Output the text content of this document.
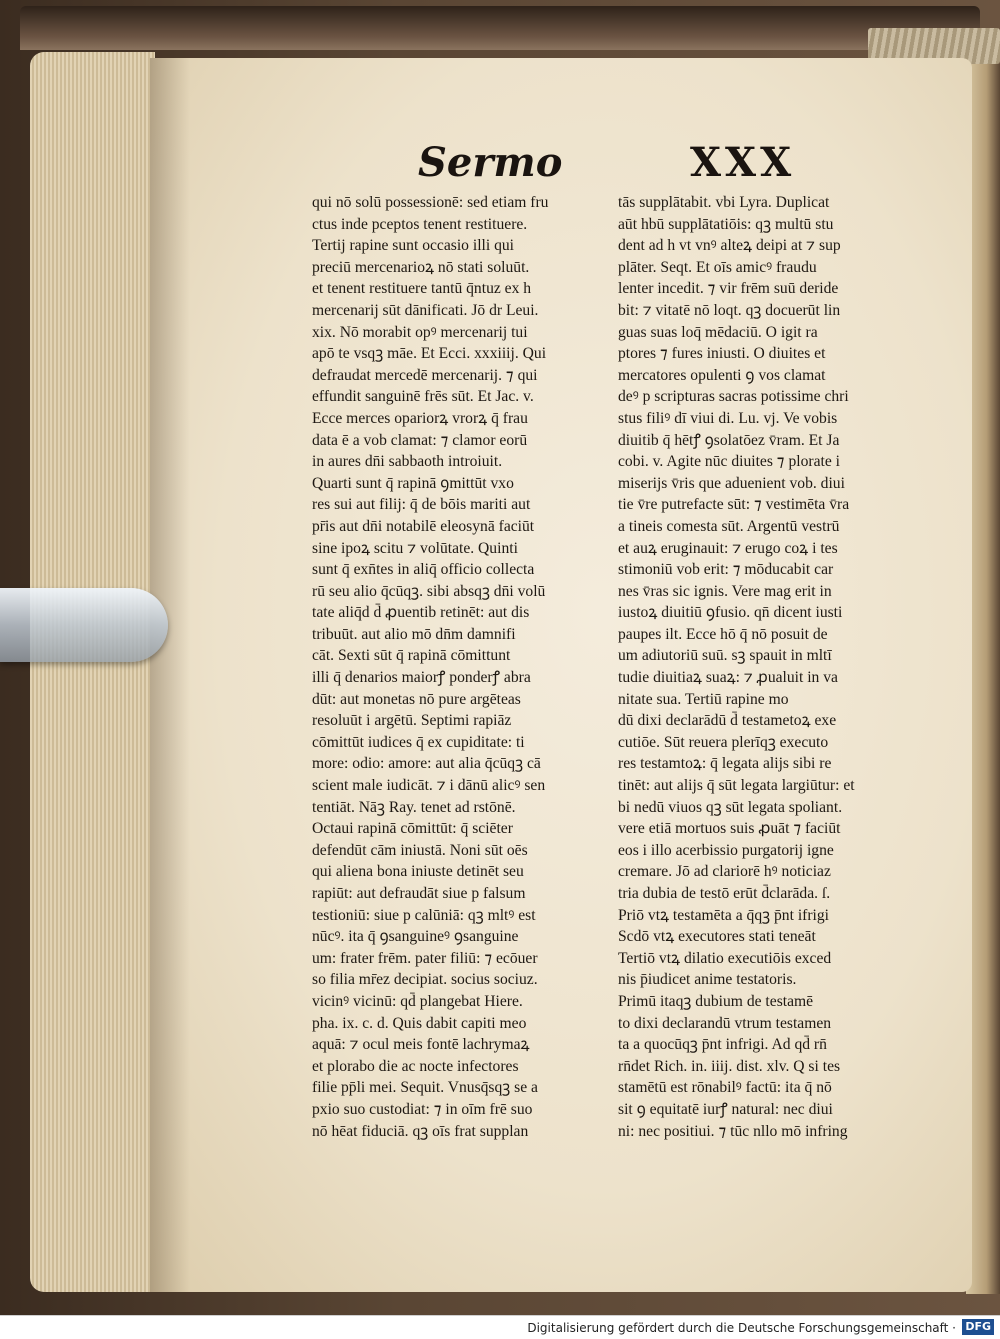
Sermo	XXX
qui nō solū possessionē: sed etiam fru
ctus inde pceptos tenent restituere.
Tertij rapine sunt occasio illi qui
preciū mercenarioꝝ nō stati soluūt.
et tenent restituere tantū q̄ntuz ex h
mercenarij sūt dānificati. Jō dr Leui.
xix. Nō morabit opꝰ mercenarij tui
apō te vsqꝫ māe. Et Ecci. xxxiiij. Qui
defraudat mercedē mercenarij. ⁊ qui
effundit sanguinē frēs sūt. Et Jac. v.
Ecce merces opariorꝝ vrorꝝ q̄ frau
data ē a vob clamat: ⁊ clamor eorū
in aures dn̄i sabbaoth introiuit.
Quarti sunt q̄ rapinā ꝯmittūt vxo
res sui aut filij: q̄ de bōis mariti aut
pr̄is aut dn̄i notabilē eleosynā faciūt
sine ipoꝝ scitu ⁊ volūtate. Quinti
sunt q̄ exn̄tes in aliq̄ officio collecta
rū seu alio q̄cūqꝫ. sibi absqꝫ dn̄i volū
tate aliq̄d d̄ ꝓuentib retinēt: aut dis
tribuūt. aut alio mō dn̄m damnifi
cāt. Sexti sūt q̄ rapinā cōmittunt
illi q̄ denarios maiorꝭ ponderꝭ abra
dūt: aut monetas nō pure argēteas
resoluūt i argētū. Septimi rapiāz
cōmittūt iudices q̄ ex cupiditate: ti
more: odio: amore: aut alia q̄cūqꝫ cā
scient male iudicāt. ⁊ i dānū alicꝰ sen
tentiāt. Nāꝫ Ray. tenet ad rstōnē.
Octaui rapinā cōmittūt: q̄ sciēter
defendūt cām iniustā. Noni sūt oēs
qui aliena bona iniuste detinēt seu
rapiūt: aut defraudāt siue p falsum
testioniū: siue p calūniā: qꝫ mltꝰ est
nūcꝰ. ita q̄ ꝯsanguineꝰ ꝯsanguine
um: frater frēm. pater filiū: ⁊ ecōuer
so filia mr̄ez decipiat. socius sociuz.
vicinꝰ vicinū: qd̄ plangebat Hiere.
pha. ix. c. d. Quis dabit capiti meo
aquā: ⁊ ocul meis fontē lachrymaꝝ
et plorabo die ac nocte infectores
filie pp̄li mei. Sequit. Vnusq̄sqꝫ se a
pxio suo custodiat: ⁊ in oīm frē suo
nō hēat fiduciā. qꝫ oīs frat supplan
tās supplātabit. vbi Lyra. Duplicat
aūt hbū supplātatiōis: qꝫ multū stu
dent ad h vt vnꝰ alteꝝ deipi at ⁊ sup
plāter. Seqt. Et oīs amicꝰ fraudu
lenter incedit. ⁊ vir frēm suū deride
bit: ⁊ vitatē nō loqt. qꝫ docuerūt lin
guas suas loq̄ mēdaciū. O igit ra
ptores ⁊ fures iniusti. O diuites et
mercatores opulenti ꝯ vos clamat
deꝰ p scripturas sacras potissime chri
stus filiꝰ dī viui di. Lu. vj. Ve vobis
diuitib q̄ hētꝭ ꝯsolatōez v̄ram. Et Ja
cobi. v. Agite nūc diuites ⁊ plorate i
miserijs v̄ris que aduenient vob. diui
tie v̄re putrefacte sūt: ⁊ vestimēta v̄ra
a tineis comesta sūt. Argentū vestrū
et auꝝ eruginauit: ⁊ erugo coꝝ i tes
stimoniū vob erit: ⁊ mōducabit car
nes v̄ras sic ignis. Vere mag erit in
iustoꝝ diuitiū ꝯfusio. qn̄ dicent iusti
paupes ilt. Ecce hō q̄ nō posuit de
um adiutoriū suū. sꝫ spauit in mltī
tudie diuitiaꝝ suaꝝ: ⁊ ꝓualuit in va
nitate sua. Tertiū rapine mo
dū dixi declarādū d̄ testametoꝝ exe
cutiōe. Sūt reuera plerīqꝫ executo
res testamtoꝝ: q̄ legata alijs sibi re
tinēt: aut alijs q̄ sūt legata largiūtur: et
bi nedū viuos qꝫ sūt legata spoliant.
vere etiā mortuos suis ꝓuāt ⁊ faciūt
eos i illo acerbissio purgatorij igne
cremare. Jō ad clariorē hꝰ noticiaz
tria dubia de testō erūt d̄clarāda. ſ.
Priō vtꝝ testamēta a q̄qꝫ p̄nt ifrigi
Scdō vtꝝ executores stati teneāt
Tertiō vtꝝ dilatio executiōis exced
nis p̄iudicet anime testatoris.
Primū itaqꝫ dubium de testamē
to dixi declarandū vtrum testamen
ta a quocūqꝫ p̄nt infrigi. Ad qd̄ rn̄
rn̄det Rich. in. iiij. dist. xlv. Q si tes
stamētū est rōnabilꝰ factū: ita q̄ nō
sit ꝯ equitatē iurꝭ natural: nec diui
ni: nec positiui. ⁊ tūc nllo mō infring
Digitalisierung gefördert durch die Deutsche Forschungsgemeinschaft · DFG
